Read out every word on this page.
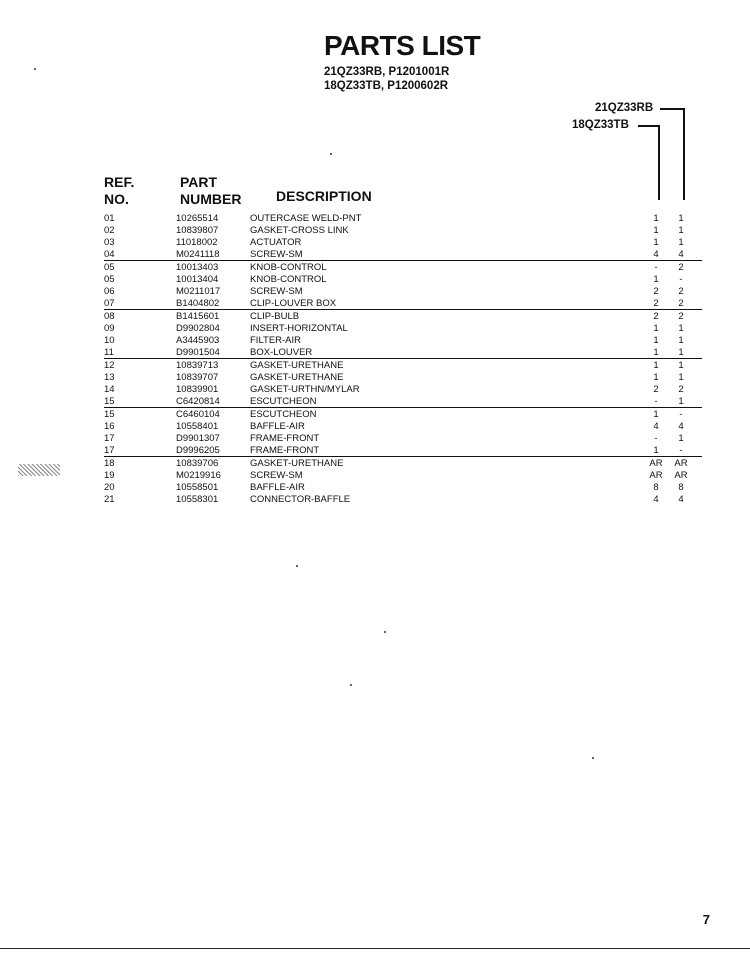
PARTS LIST
21QZ33RB, P1201001R
18QZ33TB, P1200602R
21QZ33RB
18QZ33TB
REF.
NO.
PART
NUMBER DESCRIPTION
01	10265514	OUTERCASE WELD-PNT	1	1
02	10839807	GASKET-CROSS LINK	1	1
03	11018002	ACTUATOR	1	1
04	M0241118	SCREW-SM	4	4
05	10013403	KNOB-CONTROL	-	2
05	10013404	KNOB-CONTROL	1	-
06	M0211017	SCREW-SM	2	2
07	B1404802	CLIP-LOUVER BOX	2	2
08	B1415601	CLIP-BULB	2	2
09	D9902804	INSERT-HORIZONTAL	1	1
10	A3445903	FILTER-AIR	1	1
11	D9901504	BOX-LOUVER	1	1
12	10839713	GASKET-URETHANE	1	1
13	10839707	GASKET-URETHANE	1	1
14	10839901	GASKET-URTHN/MYLAR	2	2
15	C6420814	ESCUTCHEON	-	1
15	C6460104	ESCUTCHEON	1	-
16	10558401	BAFFLE-AIR	4	4
17	D9901307	FRAME-FRONT	-	1
17	D9996205	FRAME-FRONT	1	-
18	10839706	GASKET-URETHANE	AR	AR
19	M0219916	SCREW-SM	AR	AR
20	10558501	BAFFLE-AIR	8	8
21	10558301	CONNECTOR-BAFFLE	4	4
7
